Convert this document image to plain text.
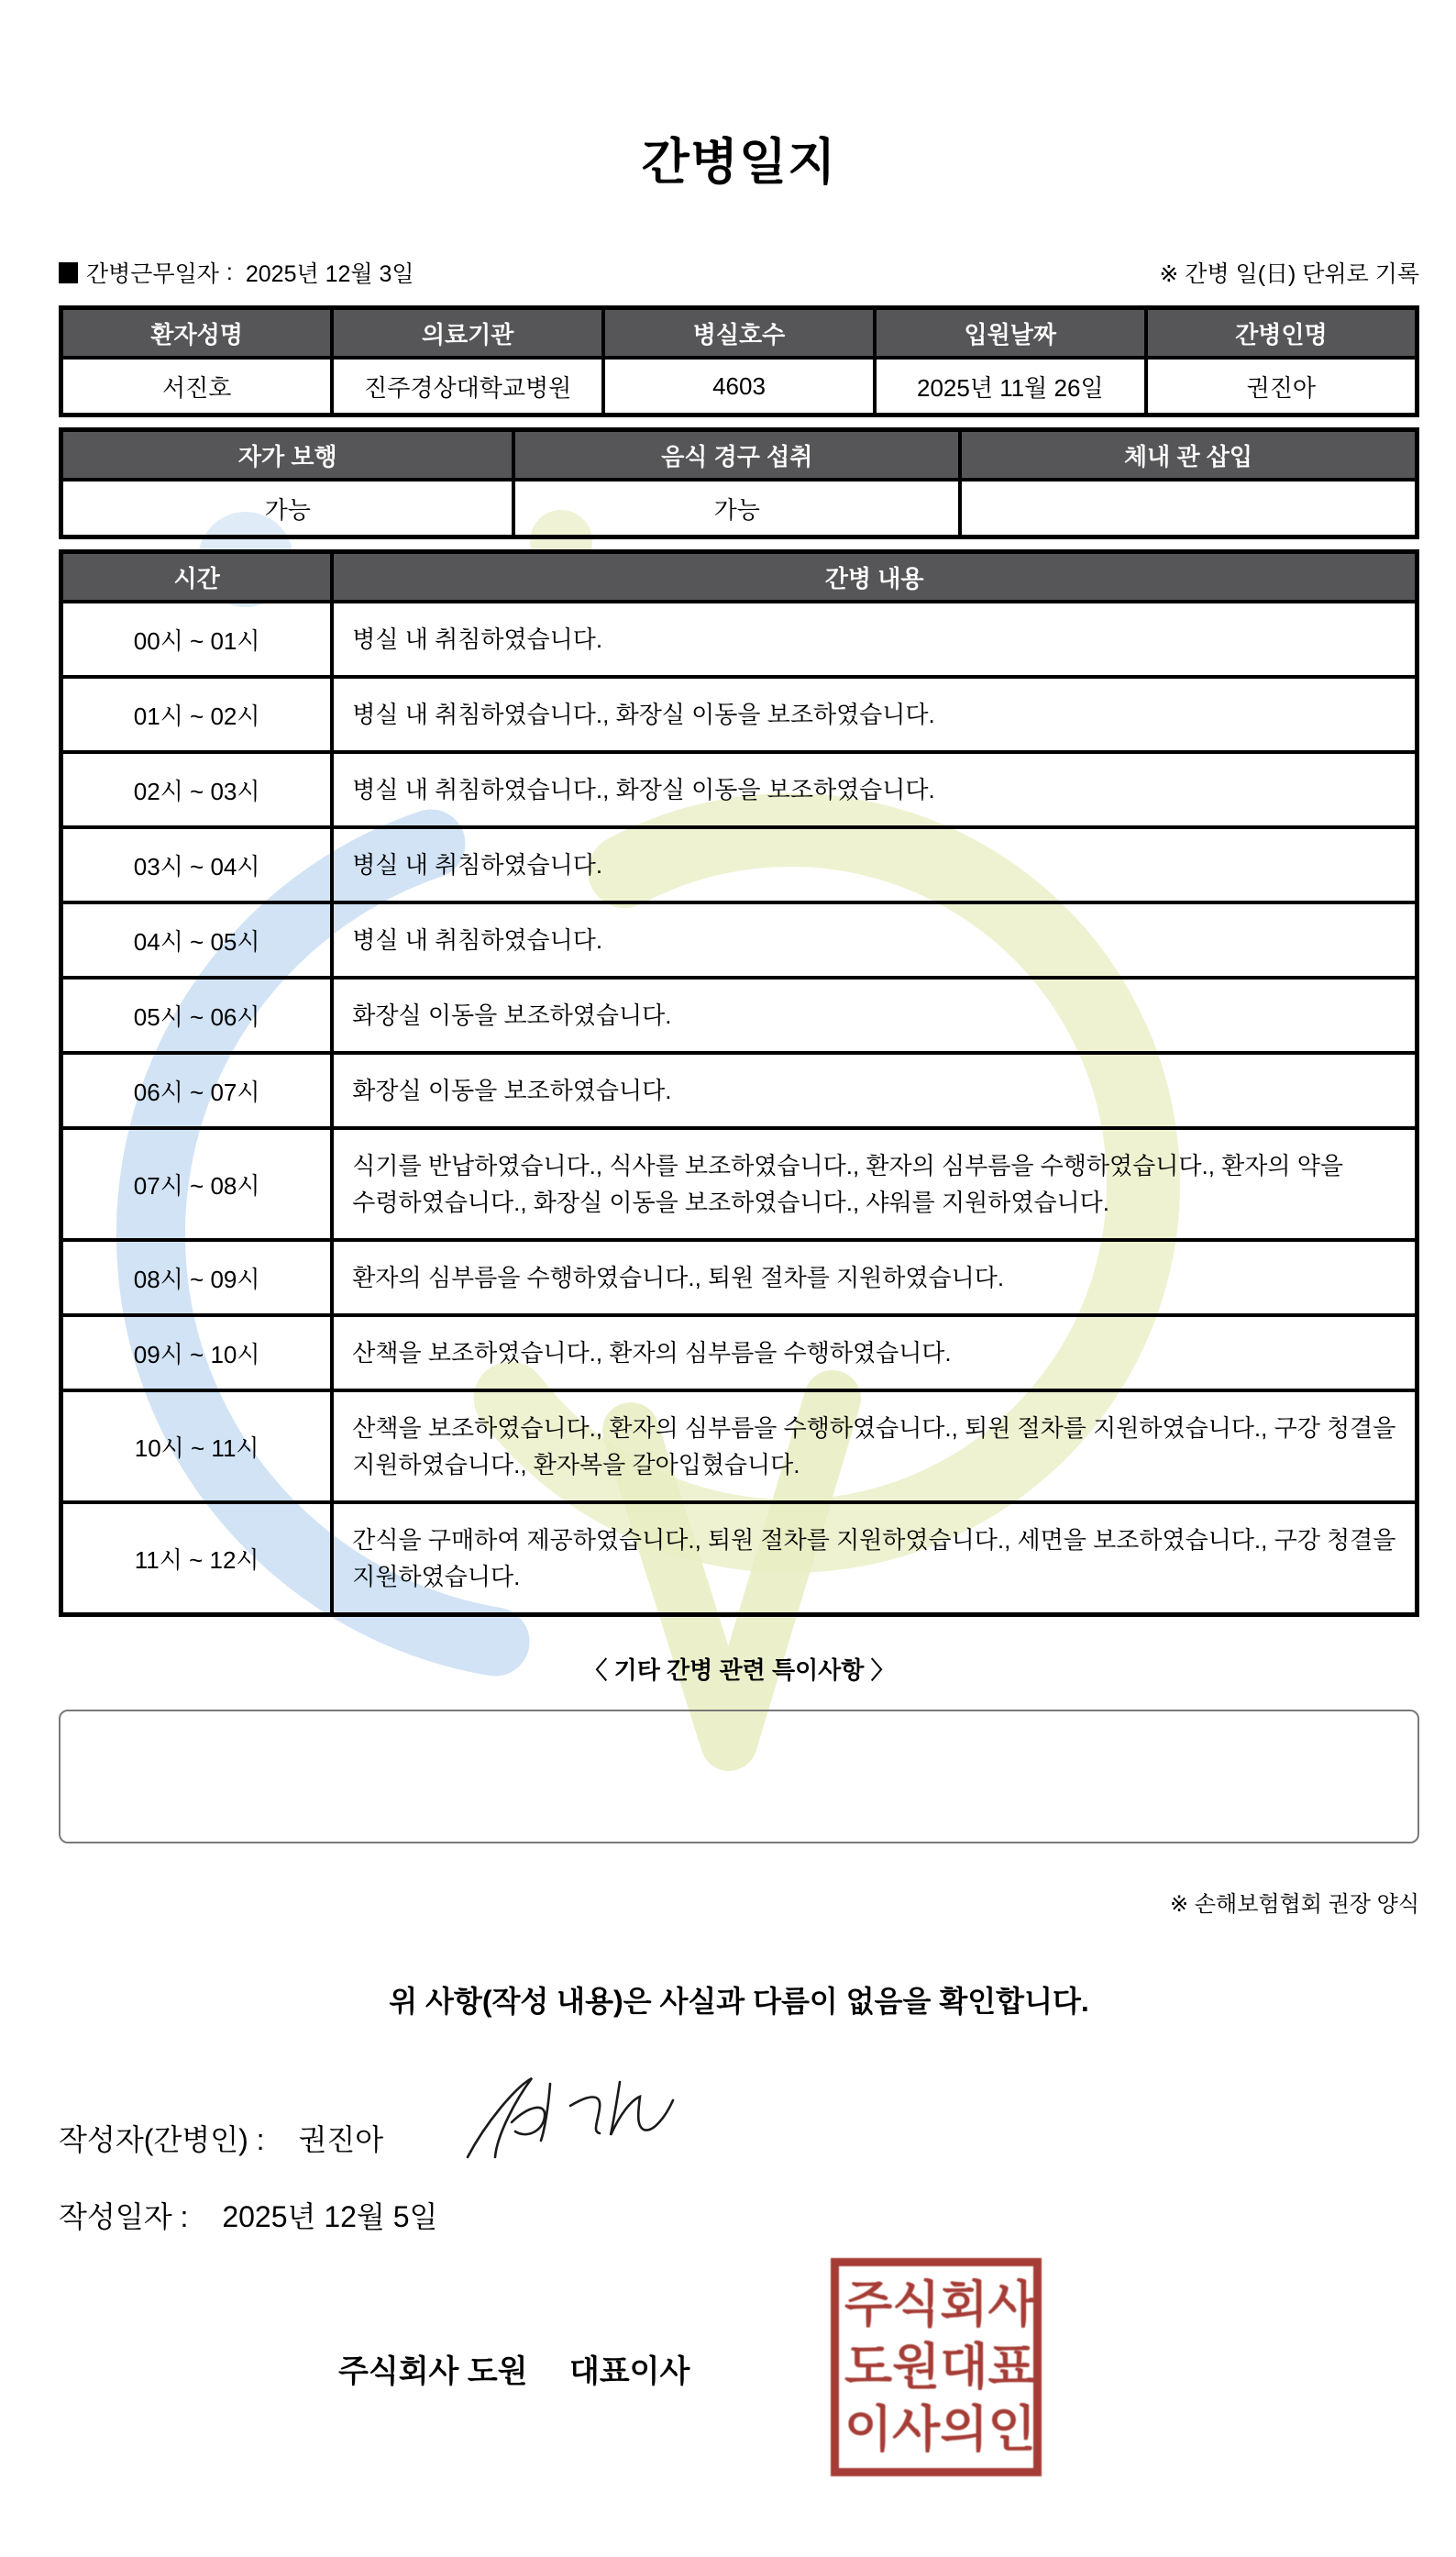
간병일지
간병근무일자 : 2025년 12월 3일	※ 간병 일(日) 단위로 기록
환자성명	의료기관	병실호수	입원날짜	간병인명
서진호	진주경상대학교병원	4603	2025년 11월 26일	권진아
자가 보행	음식 경구 섭취	체내 관 삽입
가능	가능	
시간	간병 내용
00시 ~ 01시	병실 내 취침하였습니다.
01시 ~ 02시	병실 내 취침하였습니다., 화장실 이동을 보조하였습니다.
02시 ~ 03시	병실 내 취침하였습니다., 화장실 이동을 보조하였습니다.
03시 ~ 04시	병실 내 취침하였습니다.
04시 ~ 05시	병실 내 취침하였습니다.
05시 ~ 06시	화장실 이동을 보조하였습니다.
06시 ~ 07시	화장실 이동을 보조하였습니다.
07시 ~ 08시	식기를 반납하였습니다., 식사를 보조하였습니다., 환자의 심부름을 수행하였습니다., 환자의 약을 수령하였습니다., 화장실 이동을 보조하였습니다., 샤워를 지원하였습니다.
08시 ~ 09시	환자의 심부름을 수행하였습니다., 퇴원 절차를 지원하였습니다.
09시 ~ 10시	산책을 보조하였습니다., 환자의 심부름을 수행하였습니다.
10시 ~ 11시	산책을 보조하였습니다., 환자의 심부름을 수행하였습니다., 퇴원 절차를 지원하였습니다., 구강 청결을 지원하였습니다., 환자복을 갈아입혔습니다.
11시 ~ 12시	간식을 구매하여 제공하였습니다., 퇴원 절차를 지원하였습니다., 세면을 보조하였습니다., 구강 청결을 지원하였습니다.
〈 기타 간병 관련 특이사항 〉
※ 손해보험협회 권장 양식
위 사항(작성 내용)은 사실과 다름이 없음을 확인합니다.
작성자(간병인) : 권진아
작성일자 : 2025년 12월 5일
주식회사 도원 대표이사
주식회사
도원대표
이사의인
